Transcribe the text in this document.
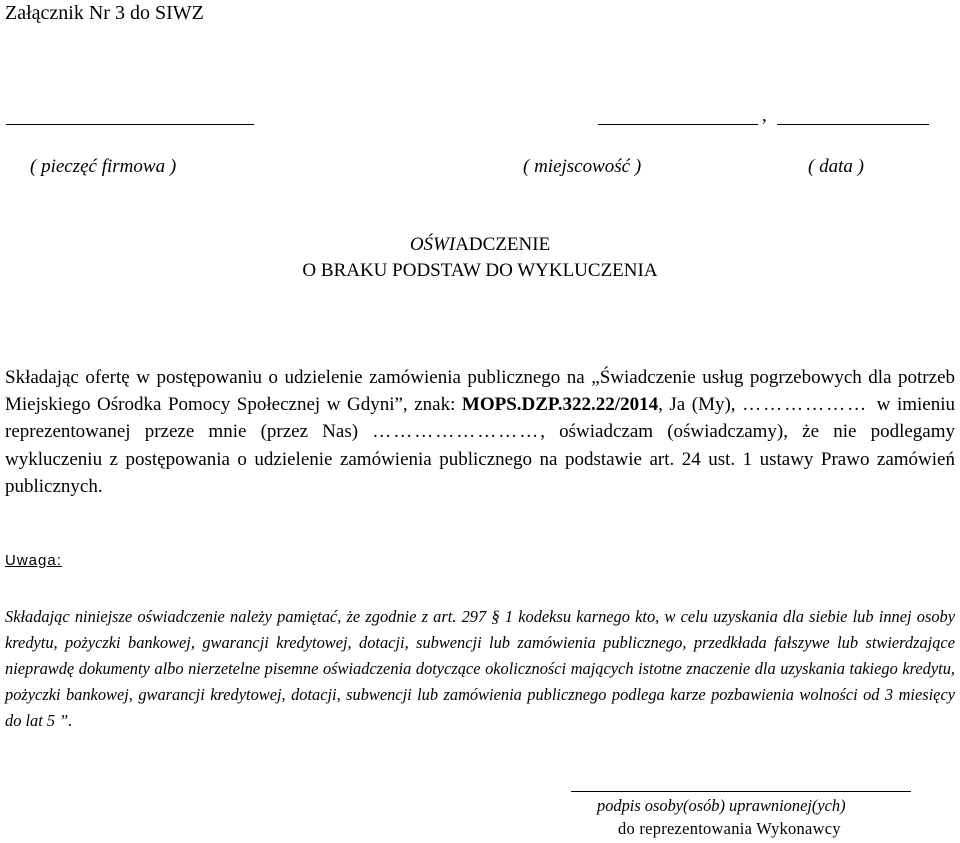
Załącznik Nr 3 do SIWZ
,
( pieczęć firmowa )	( miejscowość )	( data )
OŚWIADCZENIE
O BRAKU PODSTAW DO WYKLUCZENIA
Składając ofertę w postępowaniu o udzielenie zamówienia publicznego na „Świadczenie usług pogrzebowych dla potrzeb Miejskiego Ośrodka Pomocy Społecznej w Gdyni”, znak: MOPS.DZP.322.22/2014, Ja (My), ……………… w imieniu reprezentowanej przeze mnie (przez Nas) ……………………, oświadczam (oświadczamy), że nie podlegamy wykluczeniu z postępowania o udzielenie zamówienia publicznego na podstawie art. 24 ust. 1 ustawy Prawo zamówień publicznych.
Uwaga:
Składając niniejsze oświadczenie należy pamiętać, że zgodnie z art. 297 § 1 kodeksu karnego kto, w celu uzyskania dla siebie lub innej osoby kredytu, pożyczki bankowej, gwarancji kredytowej, dotacji, subwencji lub zamówienia publicznego, przedkłada fałszywe lub stwierdzające nieprawdę dokumenty albo nierzetelne pisemne oświadczenia dotyczące okoliczności mających istotne znaczenie dla uzyskania takiego kredytu, pożyczki bankowej, gwarancji kredytowej, dotacji, subwencji lub zamówienia publicznego podlega karze pozbawienia wolności od 3 miesięcy do lat 5 ”.
podpis osoby(osób) uprawnionej(ych)
do reprezentowania Wykonawcy
